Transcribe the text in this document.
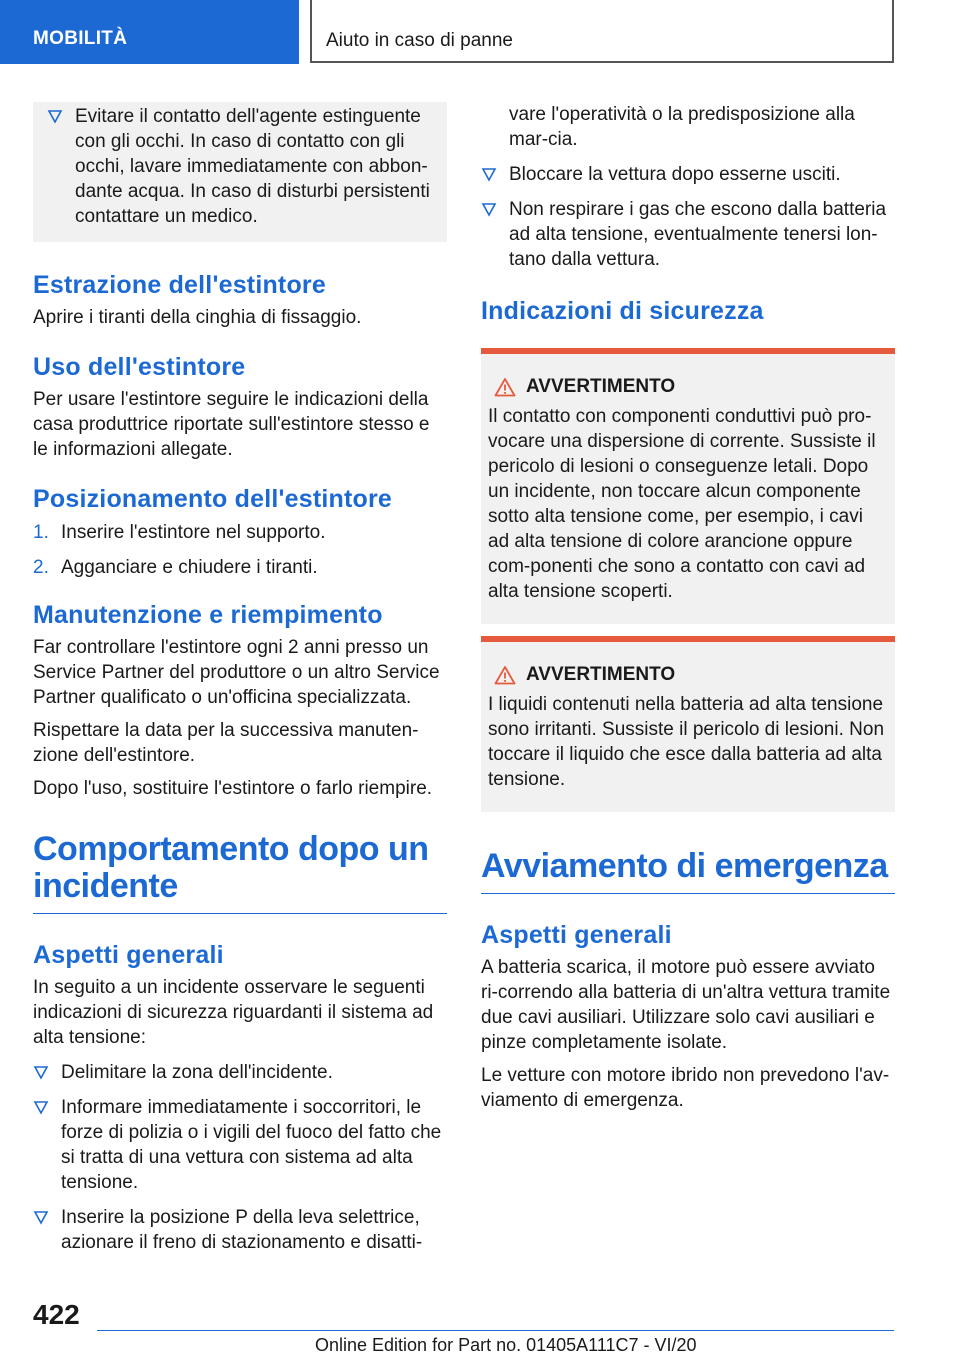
MOBILITÀ	Aiuto in caso di panne
Evitare il contatto dell'agente estinguente con gli occhi. In caso di contatto con gli occhi, lavare immediatamente con abbon-dante acqua. In caso di disturbi persistenti contattare un medico.
Estrazione dell'estintore

Aprire i tiranti della cinghia di fissaggio.

Uso dell'estintore

Per usare l'estintore seguire le indicazioni della casa produttrice riportate sull'estintore stesso e le informazioni allegate.

Posizionamento dell'estintore
1. Inserire l'estintore nel supporto.
2. Agganciare e chiudere i tiranti.
Manutenzione e riempimento

Far controllare l'estintore ogni 2 anni presso un Service Partner del produttore o un altro Service Partner qualificato o un'officina specializzata.

Rispettare la data per la successiva manuten-zione dell'estintore.

Dopo l'uso, sostituire l'estintore o farlo riempire.

Comportamento dopo un incidente
Aspetti generali

In seguito a un incidente osservare le seguenti indicazioni di sicurezza riguardanti il sistema ad alta tensione:

Delimitare la zona dell'incidente.
Informare immediatamente i soccorritori, le forze di polizia o i vigili del fuoco del fatto che si tratta di una vettura con sistema ad alta tensione.
Inserire la posizione P della leva selettrice, azionare il freno di stazionamento e disatti-

vare l'operatività o la predisposizione alla mar-cia.

Bloccare la vettura dopo esserne usciti.
Non respirare i gas che escono dalla batteria ad alta tensione, eventualmente tenersi lon-tano dalla vettura.
Indicazioni di sicurezza
AVVERTIMENTO

Il contatto con componenti conduttivi può pro-vocare una dispersione di corrente. Sussiste il pericolo di lesioni o conseguenze letali. Dopo un incidente, non toccare alcun componente sotto alta tensione come, per esempio, i cavi ad alta tensione di colore arancione oppure com-ponenti che sono a contatto con cavi ad alta tensione scoperti.

AVVERTIMENTO

I liquidi contenuti nella batteria ad alta tensione sono irritanti. Sussiste il pericolo di lesioni. Non toccare il liquido che esce dalla batteria ad alta tensione.

Avviamento di emergenza
Aspetti generali

A batteria scarica, il motore può essere avviato ri-correndo alla batteria di un'altra vettura tramite due cavi ausiliari. Utilizzare solo cavi ausiliari e pinze completamente isolate.

Le vetture con motore ibrido non prevedono l'av-viamento di emergenza.

422
Online Edition for Part no. 01405A111C7 - VI/20
